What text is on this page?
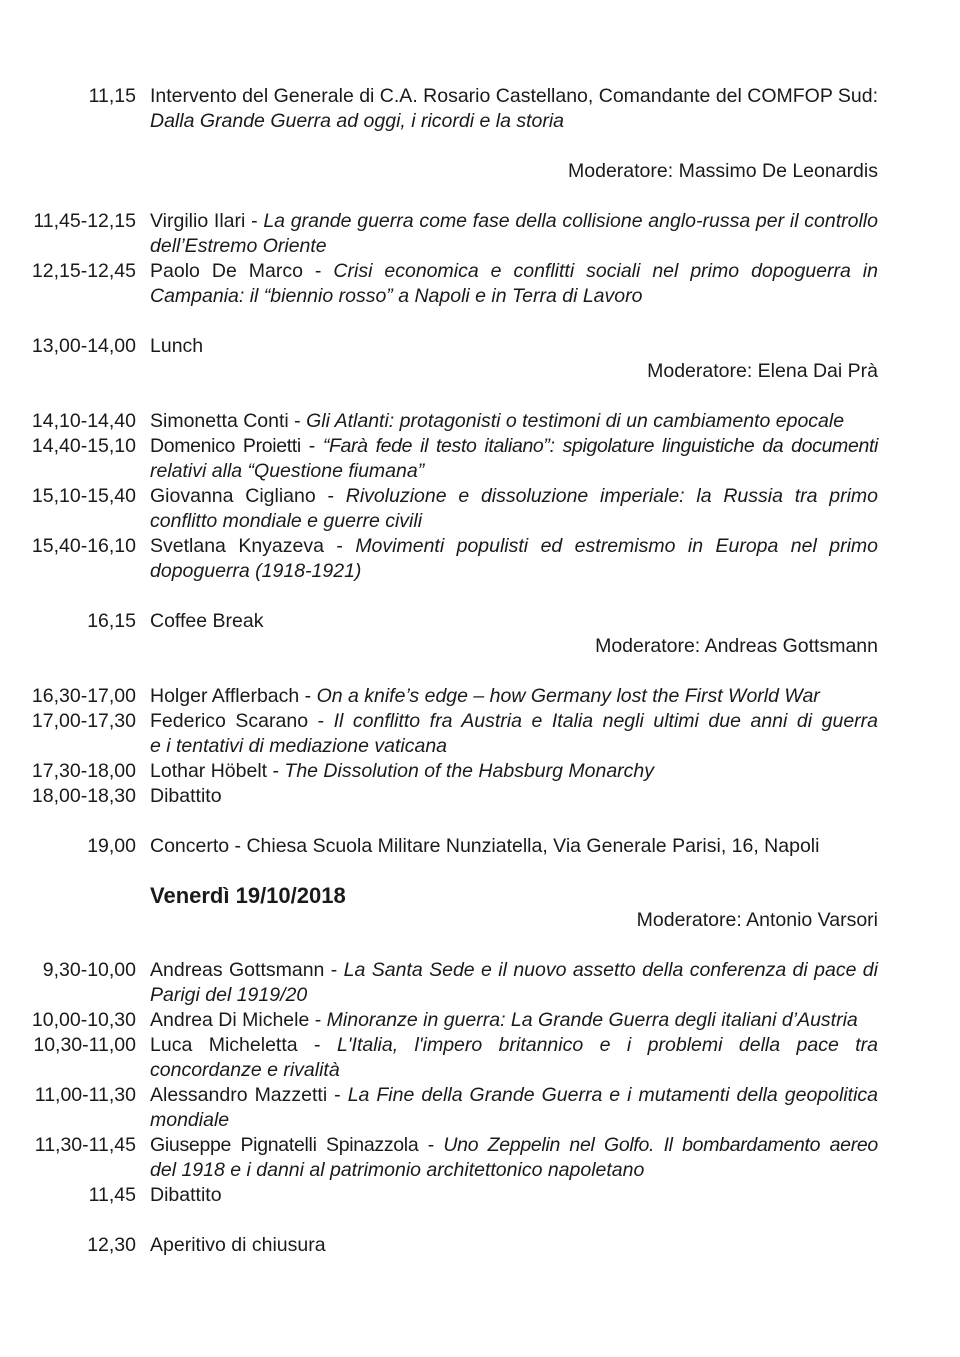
11,15 Intervento del Generale di C.A. Rosario Castellano, Comandante del COMFOP Sud:
Dalla Grande Guerra ad oggi, i ricordi e la storia
Moderatore: Massimo De Leonardis
11,45-12,15 Virgilio Ilari - La grande guerra come fase della collisione anglo-russa per il controllo
dell’Estremo Oriente
12,15-12,45 Paolo De Marco - Crisi economica e conflitti sociali nel primo dopoguerra in
Campania: il “biennio rosso” a Napoli e in Terra di Lavoro
13,00-14,00 Lunch
Moderatore: Elena Dai Prà
14,10-14,40 Simonetta Conti - Gli Atlanti: protagonisti o testimoni di un cambiamento epocale
14,40-15,10 Domenico Proietti - “Farà fede il testo italiano”: spigolature linguistiche da documenti
relativi alla “Questione fiumana”
15,10-15,40 Giovanna Cigliano - Rivoluzione e dissoluzione imperiale: la Russia tra primo
conflitto mondiale e guerre civili
15,40-16,10 Svetlana Knyazeva - Movimenti populisti ed estremismo in Europa nel primo
dopoguerra (1918-1921)
16,15 Coffee Break
Moderatore: Andreas Gottsmann
16,30-17,00 Holger Afflerbach - On a knife’s edge – how Germany lost the First World War
17,00-17,30 Federico Scarano - Il conflitto fra Austria e Italia negli ultimi due anni di guerra
e i tentativi di mediazione vaticana
17,30-18,00 Lothar Höbelt - The Dissolution of the Habsburg Monarchy
18,00-18,30 Dibattito
19,00 Concerto - Chiesa Scuola Militare Nunziatella, Via Generale Parisi, 16, Napoli
Venerdì 19/10/2018
Moderatore: Antonio Varsori
9,30-10,00 Andreas Gottsmann - La Santa Sede e il nuovo assetto della conferenza di pace di
Parigi del 1919/20
10,00-10,30 Andrea Di Michele - Minoranze in guerra: La Grande Guerra degli italiani d’Austria
10,30-11,00 Luca Micheletta - L'Italia, l'impero britannico e i problemi della pace tra
concordanze e rivalità
11,00-11,30 Alessandro Mazzetti - La Fine della Grande Guerra e i mutamenti della geopolitica
mondiale
11,30-11,45 Giuseppe Pignatelli Spinazzola - Uno Zeppelin nel Golfo. Il bombardamento aereo
del 1918 e i danni al patrimonio architettonico napoletano
11,45 Dibattito
12,30 Aperitivo di chiusura
